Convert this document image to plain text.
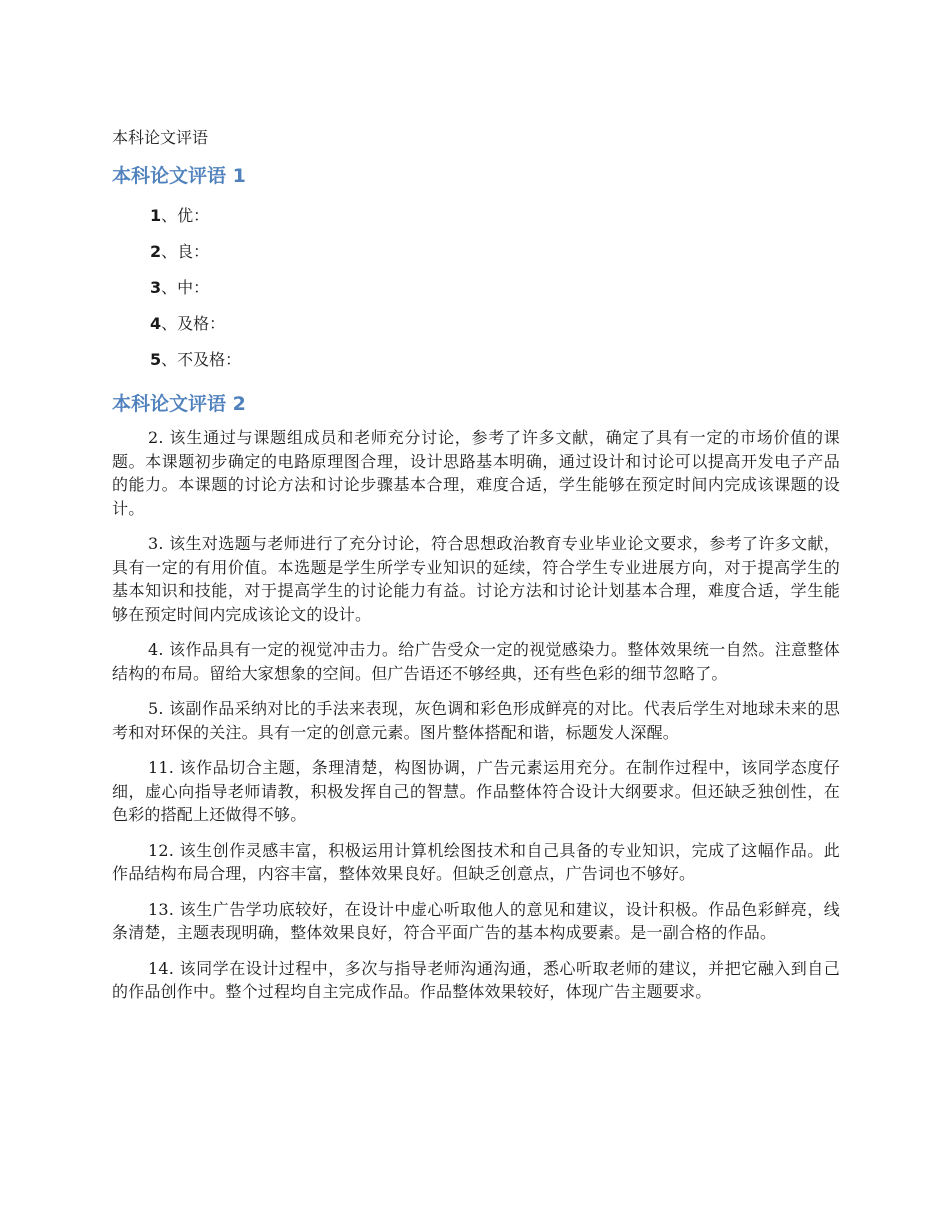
本科论文评语
本科论文评语 1
1、优：
2、良：
3、中：
4、及格：
5、不及格：
本科论文评语 2

2. 该生通过与课题组成员和老师充分讨论，参考了许多文献，确定了具有一定的市场价值的课题。本课题初步确定的电路原理图合理，设计思路基本明确，通过设计和讨论可以提高开发电子产品的能力。本课题的讨论方法和讨论步骤基本合理，难度合适，学生能够在预定时间内完成该课题的设计。

3. 该生对选题与老师进行了充分讨论，符合思想政治教育专业毕业论文要求，参考了许多文献，具有一定的有用价值。本选题是学生所学专业知识的延续，符合学生专业进展方向，对于提高学生的基本知识和技能，对于提高学生的讨论能力有益。讨论方法和讨论计划基本合理，难度合适，学生能够在预定时间内完成该论文的设计。

4. 该作品具有一定的视觉冲击力。给广告受众一定的视觉感染力。整体效果统一自然。注意整体结构的布局。留给大家想象的空间。但广告语还不够经典，还有些色彩的细节忽略了。

5. 该副作品采纳对比的手法来表现，灰色调和彩色形成鲜亮的对比。代表后学生对地球未来的思考和对环保的关注。具有一定的创意元素。图片整体搭配和谐，标题发人深醒。

11. 该作品切合主题，条理清楚，构图协调，广告元素运用充分。在制作过程中，该同学态度仔细，虚心向指导老师请教，积极发挥自己的智慧。作品整体符合设计大纲要求。但还缺乏独创性，在色彩的搭配上还做得不够。

12. 该生创作灵感丰富，积极运用计算机绘图技术和自己具备的专业知识，完成了这幅作品。此作品结构布局合理，内容丰富，整体效果良好。但缺乏创意点，广告词也不够好。

13. 该生广告学功底较好，在设计中虚心听取他人的意见和建议，设计积极。作品色彩鲜亮，线条清楚，主题表现明确，整体效果良好，符合平面广告的基本构成要素。是一副合格的作品。

14. 该同学在设计过程中，多次与指导老师沟通沟通，悉心听取老师的建议，并把它融入到自己的作品创作中。整个过程均自主完成作品。作品整体效果较好，体现广告主题要求。
